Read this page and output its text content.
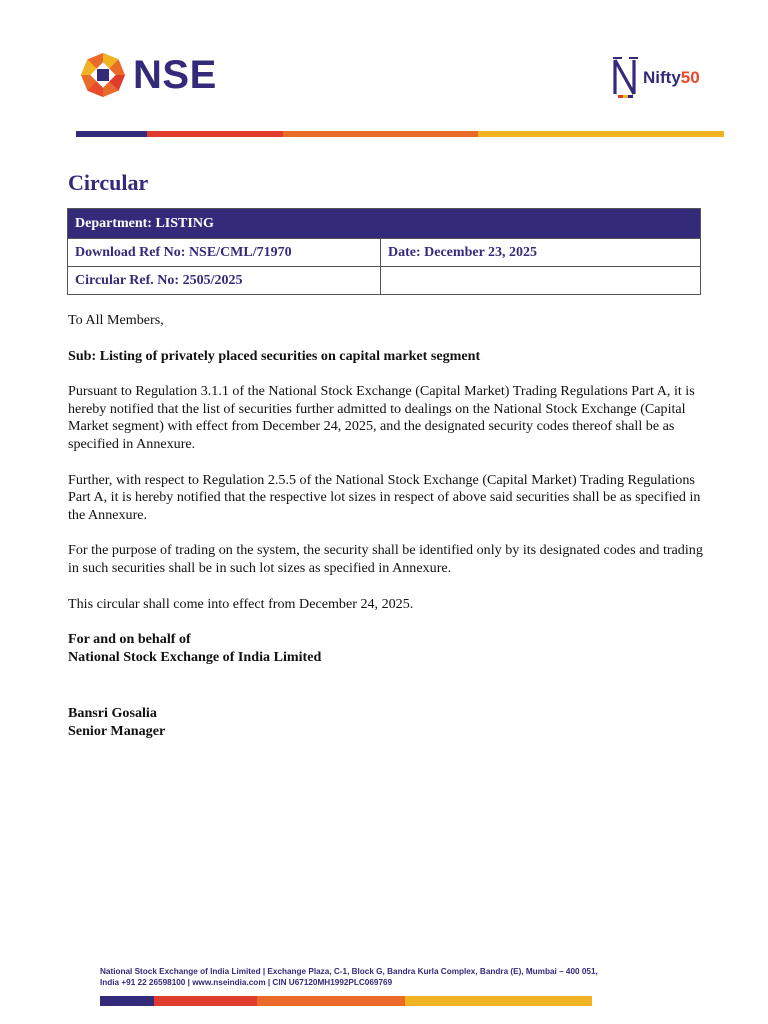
NSE	Nifty50
Circular
Department: LISTING	
Download Ref No: NSE/CML/71970	Date: December 23, 2025
Circular Ref. No: 2505/2025	

To All Members,

Sub: Listing of privately placed securities on capital market segment

Pursuant to Regulation 3.1.1 of the National Stock Exchange (Capital Market) Trading Regulations Part A, it is hereby notified that the list of securities further admitted to dealings on the National Stock Exchange (Capital Market segment) with effect from December 24, 2025, and the designated security codes thereof shall be as specified in Annexure.

Further, with respect to Regulation 2.5.5 of the National Stock Exchange (Capital Market) Trading Regulations Part A, it is hereby notified that the respective lot sizes in respect of above said securities shall be as specified in the Annexure.

For the purpose of trading on the system, the security shall be identified only by its designated codes and trading in such securities shall be in such lot sizes as specified in Annexure.

This circular shall come into effect from December 24, 2025.

For and on behalf of
National Stock Exchange of India Limited

Bansri Gosalia
Senior Manager

National Stock Exchange of India Limited | Exchange Plaza, C-1, Block G, Bandra Kurla Complex, Bandra (E), Mumbai – 400 051,
India +91 22 26598100 | www.nseindia.com | CIN U67120MH1992PLC069769
